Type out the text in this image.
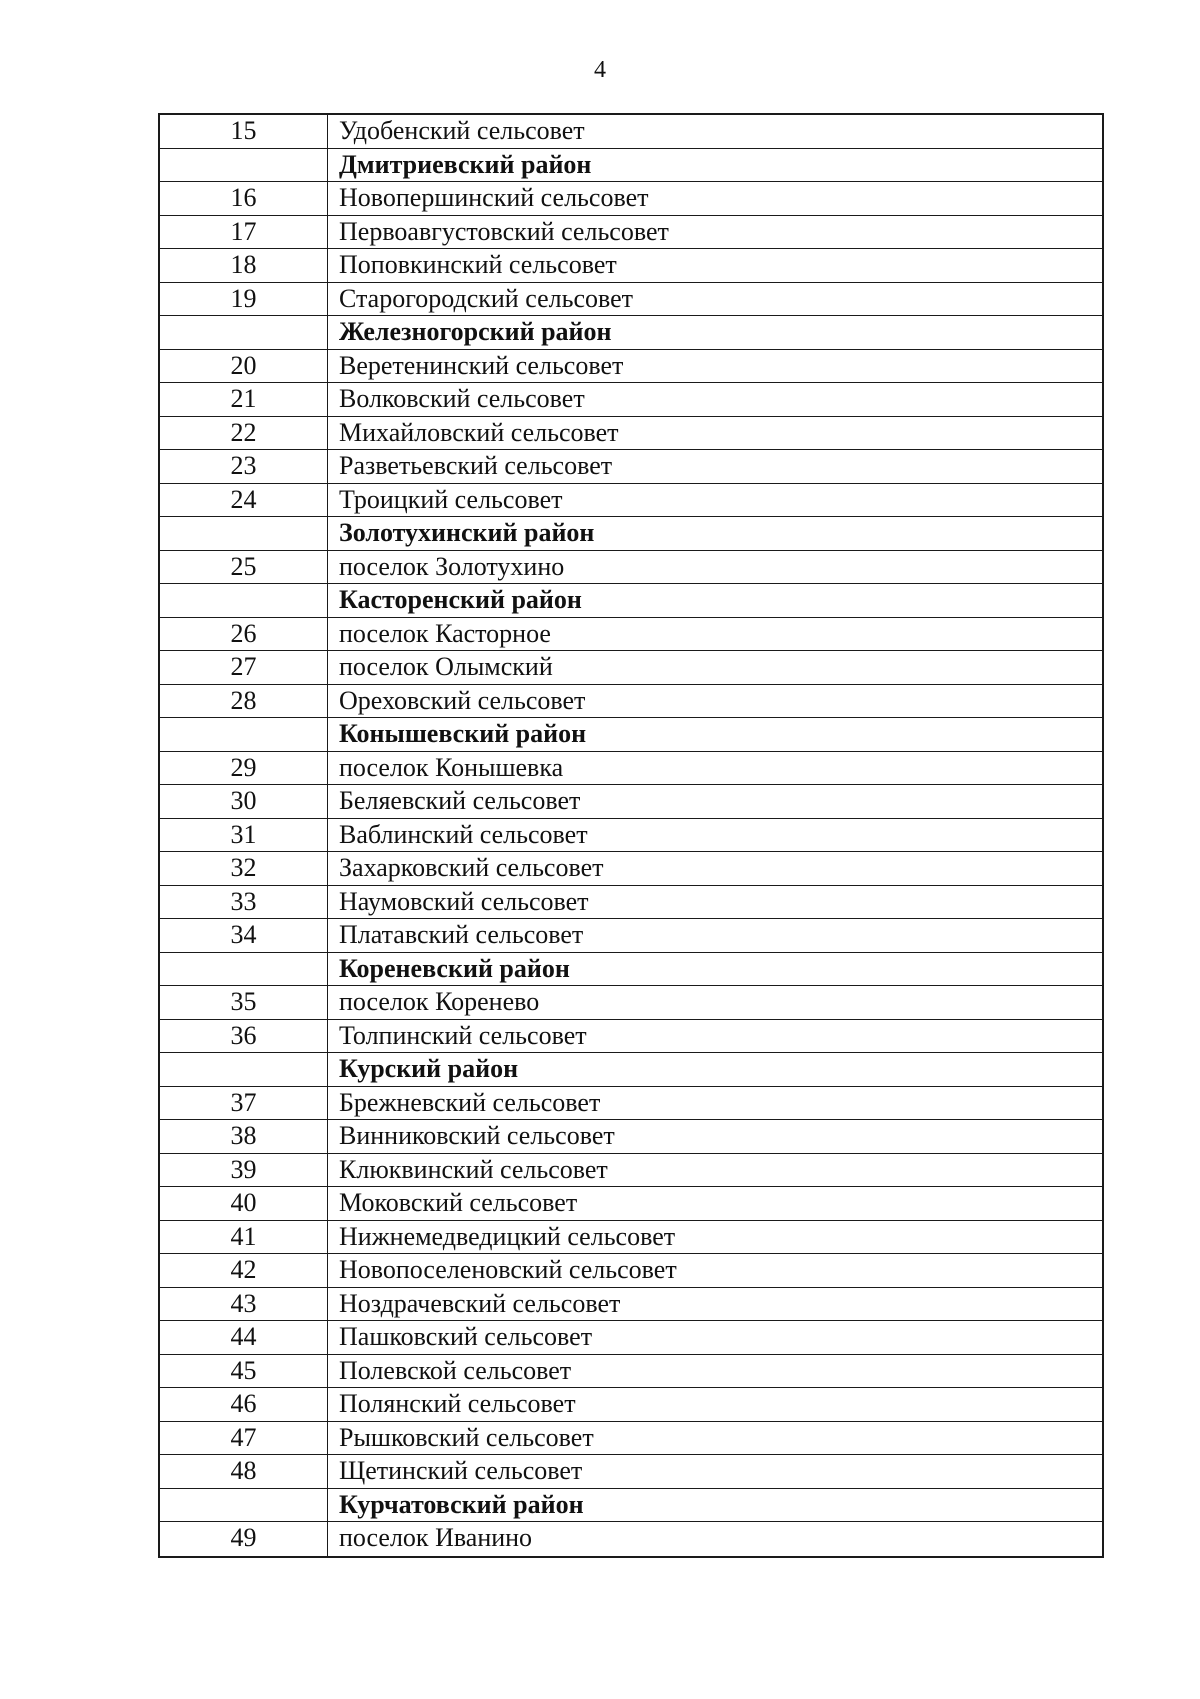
4
15	Удобенский сельсовет
Дмитриевский район
16	Новопершинский сельсовет
17	Первоавгустовский сельсовет
18	Поповкинский сельсовет
19	Старогородский сельсовет
Железногорский район
20	Веретенинский сельсовет
21	Волковский сельсовет
22	Михайловский сельсовет
23	Разветьевский сельсовет
24	Троицкий сельсовет
Золотухинский район
25	поселок Золотухино
Касторенский район
26	поселок Касторное
27	поселок Олымский
28	Ореховский сельсовет
Конышевский район
29	поселок Конышевка
30	Беляевский сельсовет
31	Ваблинский сельсовет
32	Захарковский сельсовет
33	Наумовский сельсовет
34	Платавский сельсовет
Кореневский район
35	поселок Коренево
36	Толпинский сельсовет
Курский район
37	Брежневский сельсовет
38	Винниковский сельсовет
39	Клюквинский сельсовет
40	Моковский сельсовет
41	Нижнемедведицкий сельсовет
42	Новопоселеновский сельсовет
43	Ноздрачевский сельсовет
44	Пашковский сельсовет
45	Полевской сельсовет
46	Полянский сельсовет
47	Рышковский сельсовет
48	Щетинский сельсовет
Курчатовский район
49	поселок Иванино
